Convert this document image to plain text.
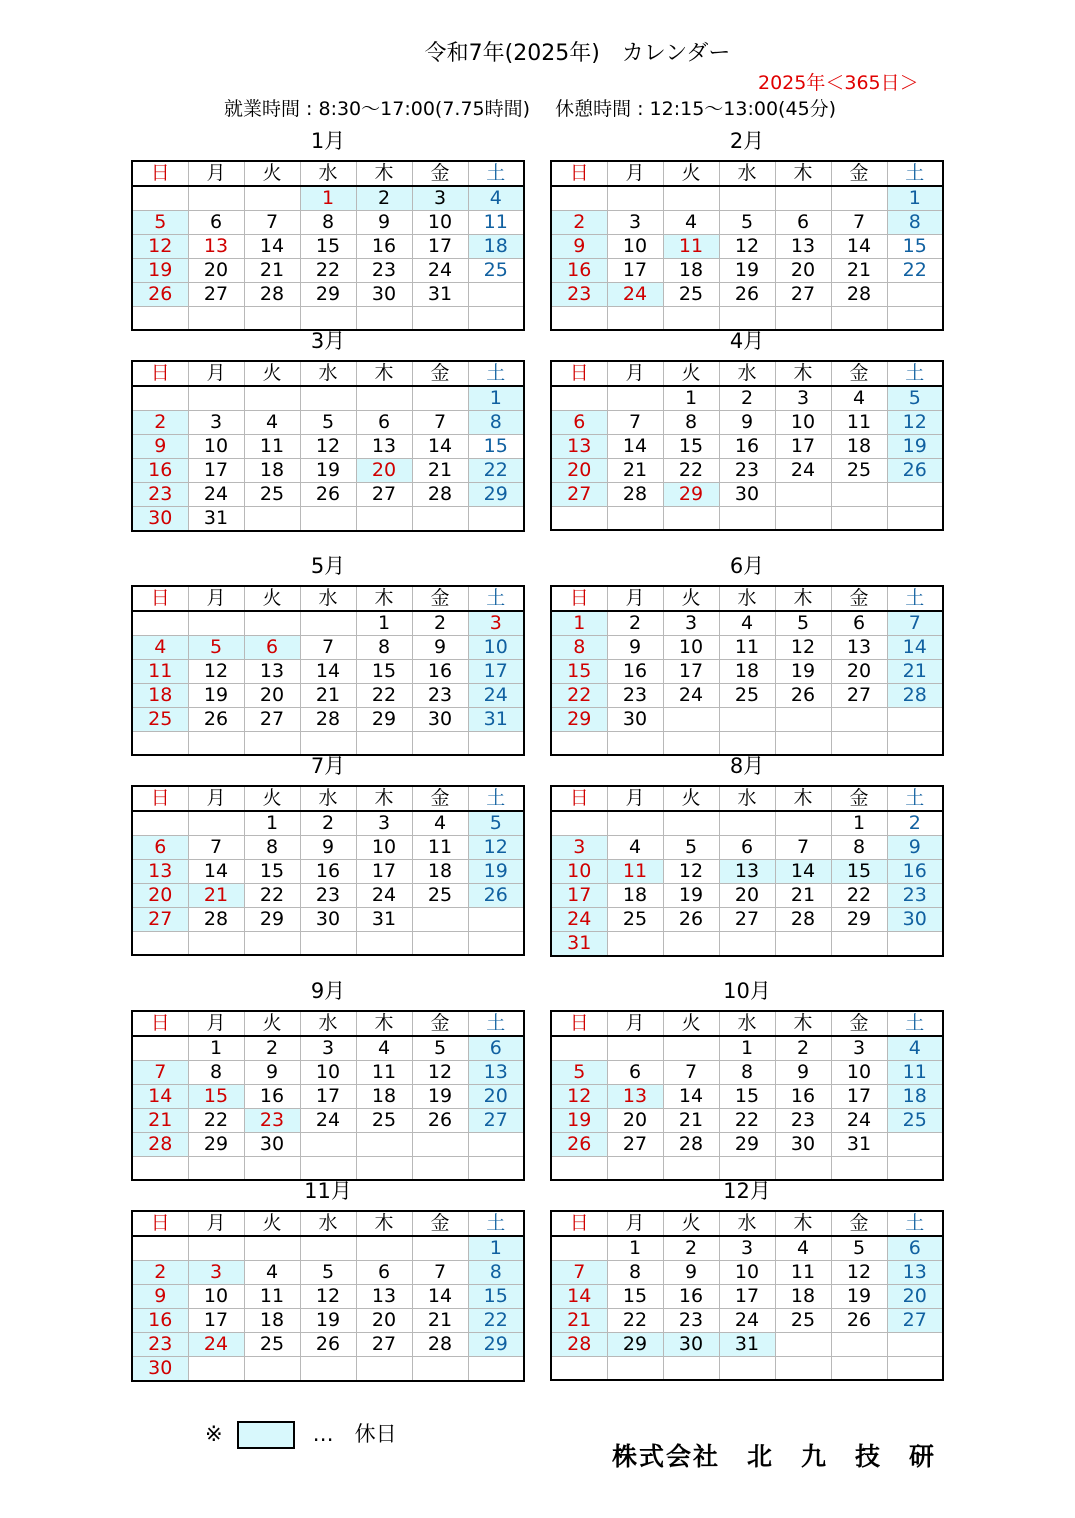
令和7年(2025年)　カレンダー
2025年＜365日＞
就業時間 : 8:30～17:00(7.75時間)　 休憩時間 : 12:15～13:00(45分)
1月
日	月	火	水	木	金	土
			1	2	3	4
5	6	7	8	9	10	11
12	13	14	15	16	17	18
19	20	21	22	23	24	25
26	27	28	29	30	31	

2月
日	月	火	水	木	金	土
						1
2	3	4	5	6	7	8
9	10	11	12	13	14	15
16	17	18	19	20	21	22
23	24	25	26	27	28	

3月
日	月	火	水	木	金	土
						1
2	3	4	5	6	7	8
9	10	11	12	13	14	15
16	17	18	19	20	21	22
23	24	25	26	27	28	29
30	31					
4月
日	月	火	水	木	金	土
		1	2	3	4	5
6	7	8	9	10	11	12
13	14	15	16	17	18	19
20	21	22	23	24	25	26
27	28	29	30			

5月
日	月	火	水	木	金	土
				1	2	3
4	5	6	7	8	9	10
11	12	13	14	15	16	17
18	19	20	21	22	23	24
25	26	27	28	29	30	31

6月
日	月	火	水	木	金	土
1	2	3	4	5	6	7
8	9	10	11	12	13	14
15	16	17	18	19	20	21
22	23	24	25	26	27	28
29	30					

7月
日	月	火	水	木	金	土
		1	2	3	4	5
6	7	8	9	10	11	12
13	14	15	16	17	18	19
20	21	22	23	24	25	26
27	28	29	30	31		

8月
日	月	火	水	木	金	土
					1	2
3	4	5	6	7	8	9
10	11	12	13	14	15	16
17	18	19	20	21	22	23
24	25	26	27	28	29	30
31						
9月
日	月	火	水	木	金	土
	1	2	3	4	5	6
7	8	9	10	11	12	13
14	15	16	17	18	19	20
21	22	23	24	25	26	27
28	29	30				

10月
日	月	火	水	木	金	土
			1	2	3	4
5	6	7	8	9	10	11
12	13	14	15	16	17	18
19	20	21	22	23	24	25
26	27	28	29	30	31	

11月
日	月	火	水	木	金	土
						1
2	3	4	5	6	7	8
9	10	11	12	13	14	15
16	17	18	19	20	21	22
23	24	25	26	27	28	29
30						
12月
日	月	火	水	木	金	土
	1	2	3	4	5	6
7	8	9	10	11	12	13
14	15	16	17	18	19	20
21	22	23	24	25	26	27
28	29	30	31			

※	…　休日
株式会社　北　九　技　研
